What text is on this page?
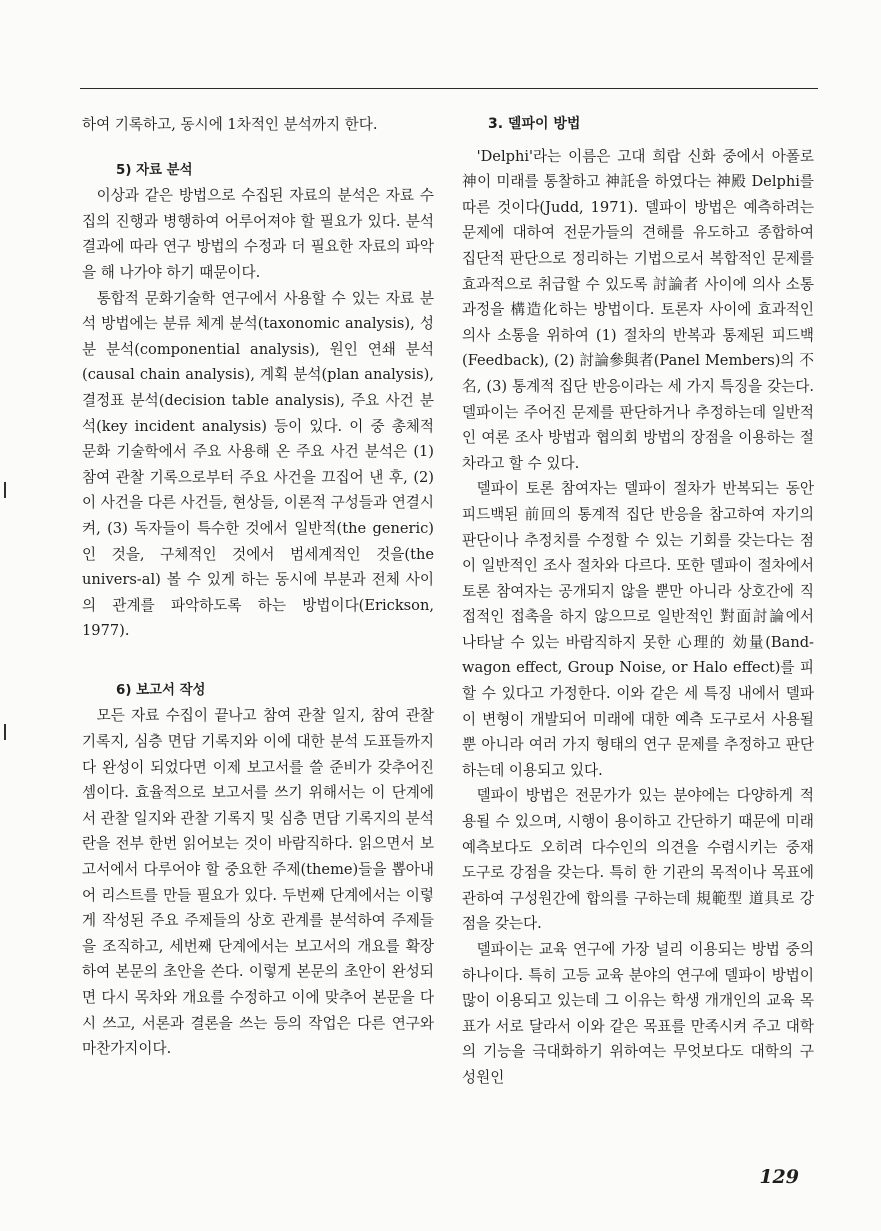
하여 기록하고, 동시에 1차적인 분석까지 한다.

5) 자료 분석

이상과 같은 방법으로 수집된 자료의 분석은 자료 수집의 진행과 병행하여 어루어져야 할 필요가 있다. 분석 결과에 따라 연구 방법의 수정과 더 필요한 자료의 파악을 해 나가야 하기 때문이다.

통합적 문화기술학 연구에서 사용할 수 있는 자료 분석 방법에는 분류 체계 분석(taxonomic analysis), 성분 분석(componential analysis), 원인 연쇄 분석(causal chain analysis), 계획 분석(plan analysis), 결정표 분석(decision table analysis), 주요 사건 분석(key incident analysis) 등이 있다. 이 중 총체적 문화 기술학에서 주요 사용해 온 주요 사건 분석은 (1) 참여 관찰 기록으로부터 주요 사건을 끄집어 낸 후, (2) 이 사건을 다른 사건들, 현상들, 이론적 구성들과 연결시켜, (3) 독자들이 특수한 것에서 일반적(the generic)인 것을, 구체적인 것에서 범세계적인 것을(the univers-al) 볼 수 있게 하는 동시에 부분과 전체 사이의 관계를 파악하도록 하는 방법이다(Erickson, 1977).

6) 보고서 작성

모든 자료 수집이 끝나고 참여 관찰 일지, 참여 관찰 기록지, 심층 면담 기록지와 이에 대한 분석 도표들까지 다 완성이 되었다면 이제 보고서를 쓸 준비가 갖추어진 셈이다. 효율적으로 보고서를 쓰기 위해서는 이 단계에서 관찰 일지와 관찰 기록지 및 심층 면담 기록지의 분석란을 전부 한번 읽어보는 것이 바람직하다. 읽으면서 보고서에서 다루어야 할 중요한 주제(theme)들을 뽑아내어 리스트를 만들 필요가 있다. 두번째 단계에서는 이렇게 작성된 주요 주제들의 상호 관계를 분석하여 주제들을 조직하고, 세번째 단계에서는 보고서의 개요를 확장하여 본문의 초안을 쓴다. 이렇게 본문의 초안이 완성되면 다시 목차와 개요를 수정하고 이에 맞추어 본문을 다시 쓰고, 서론과 결론을 쓰는 등의 작업은 다른 연구와 마찬가지이다.

3. 델파이 방법

'Delphi'라는 이름은 고대 희랍 신화 중에서 아폴로神이 미래를 통찰하고 神託을 하였다는 神殿 Delphi를 따른 것이다(Judd, 1971). 델파이 방법은 예측하려는 문제에 대하여 전문가들의 견해를 유도하고 종합하여 집단적 판단으로 정리하는 기법으로서 복합적인 문제를 효과적으로 취급할 수 있도록 討論者 사이에 의사 소통 과정을 構造化하는 방법이다. 토론자 사이에 효과적인 의사 소통을 위하여 (1) 절차의 반복과 통제된 피드백(Feedback), (2) 討論參與者(Panel Members)의 不名, (3) 통계적 집단 반응이라는 세 가지 특징을 갖는다. 델파이는 주어진 문제를 판단하거나 추정하는데 일반적인 여론 조사 방법과 협의회 방법의 장점을 이용하는 절차라고 할 수 있다.

델파이 토론 참여자는 델파이 절차가 반복되는 동안 피드백된 前回의 통계적 집단 반응을 참고하여 자기의 판단이나 추정치를 수정할 수 있는 기회를 갖는다는 점이 일반적인 조사 절차와 다르다. 또한 델파이 절차에서 토론 참여자는 공개되지 않을 뿐만 아니라 상호간에 직접적인 접촉을 하지 않으므로 일반적인 對面討論에서 나타날 수 있는 바람직하지 못한 心理的 効量(Band-wagon effect, Group Noise, or Halo effect)를 피할 수 있다고 가정한다. 이와 같은 세 특징 내에서 델파이 변형이 개발되어 미래에 대한 예측 도구로서 사용될 뿐 아니라 여러 가지 형태의 연구 문제를 추정하고 판단하는데 이용되고 있다.

델파이 방법은 전문가가 있는 분야에는 다양하게 적용될 수 있으며, 시행이 용이하고 간단하기 때문에 미래 예측보다도 오히려 다수인의 의견을 수렴시키는 중재 도구로 강점을 갖는다. 특히 한 기관의 목적이나 목표에 관하여 구성원간에 합의를 구하는데 規範型 道具로 강점을 갖는다.

델파이는 교육 연구에 가장 널리 이용되는 방법 중의 하나이다. 특히 고등 교육 분야의 연구에 델파이 방법이 많이 이용되고 있는데 그 이유는 학생 개개인의 교육 목표가 서로 달라서 이와 같은 목표를 만족시켜 주고 대학의 기능을 극대화하기 위하여는 무엇보다도 대학의 구성원인

129
